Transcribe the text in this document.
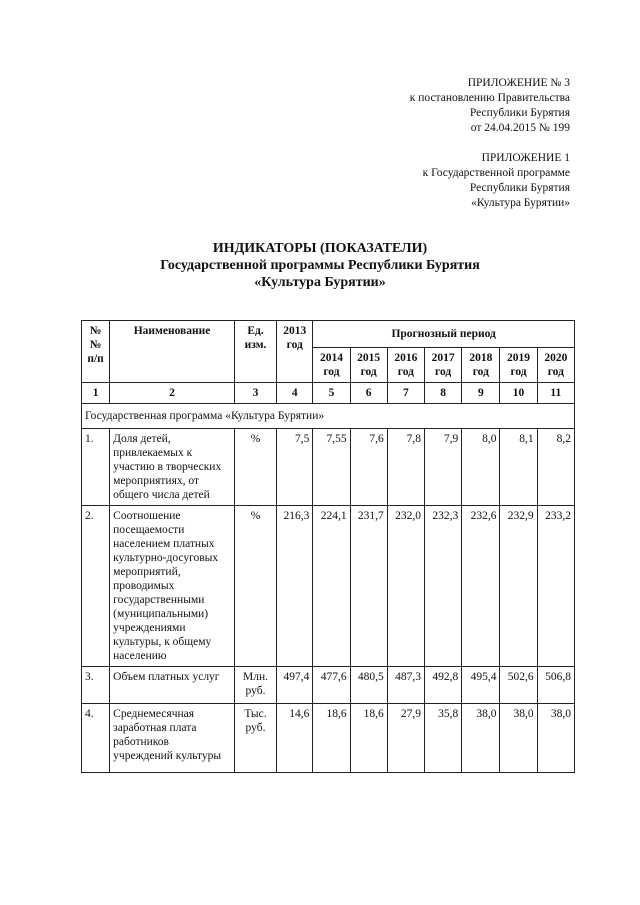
ПРИЛОЖЕНИЕ № 3
к постановлению Правительства
Республики Бурятия
от 24.04.2015 № 199
ПРИЛОЖЕНИЕ 1
к Государственной программе
Республики Бурятия
«Культура Бурятии»
ИНДИКАТОРЫ (ПОКАЗАТЕЛИ)
Государственной программы Республики Бурятия
«Культура Бурятии»
№№ п/п	Наименование	Ед. изм.	2013 год	Прогнозный период						
				2014 год	2015 год	2016 год	2017 год	2018 год	2019 год	2020 год
1	2	3	4	5	6	7	8	9	10	11
Государственная программа «Культура Бурятии»										
1.	Доля детей, привлекаемых к участию в творческих мероприятиях, от общего числа детей	%	7,5	7,55	7,6	7,8	7,9	8,0	8,1	8,2
2.	Соотношение посещаемости населением платных культурно-досуговых мероприятий, проводимых государственными (муниципальными) учреждениями культуры, к общему населению	%	216,3	224,1	231,7	232,0	232,3	232,6	232,9	233,2
3.	Объем платных услуг	Млн. руб.	497,4	477,6	480,5	487,3	492,8	495,4	502,6	506,8
4.	Среднемесячная заработная плата работников учреждений культуры	Тыс. руб.	14,6	18,6	18,6	27,9	35,8	38,0	38,0	38,0
